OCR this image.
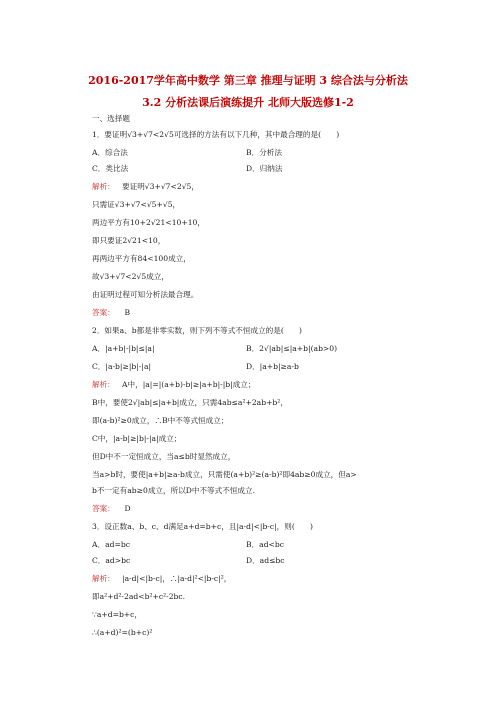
2016-2017学年高中数学 第三章 推理与证明 3 综合法与分析法
3.2 分析法课后演练提升 北师大版选修1-2
一、选择题
1．要证明√3+√7<2√5可选择的方法有以下几种，其中最合理的是(　　)
A．综合法	B．分析法
C．类比法	D．归纳法
解析： 要证明√3+√7<2√5，
只需证√3+√7<√5+√5，
两边平方有10+2√21<10+10，
即只要证2√21<10，
再两边平方有84<100成立，
故√3+√7<2√5成立，
由证明过程可知分析法最合理。
答案： B
2．如果a、b都是非零实数，则下列不等式不恒成立的是(　　)
A．|a+b|-|b|≤|a|	B．2√|ab|≤|a+b|(ab>0)
C．|a-b|≥|b|-|a|	D．|a+b|≥a-b
解析： A中，|a|=|(a+b)-b|≥|a+b|-|b|成立；
B中，要使2√|ab|≤|a+b|成立，只需4ab≤a²+2ab+b²，
即(a-b)²≥0成立，∴B中不等式恒成立；
C中，|a-b|≥|b|-|a|成立；
但D中不一定恒成立，当a≤b时显然成立，
当a>b时，要使|a+b|≥a-b成立，只需使(a+b)²≥(a-b)²即4ab≥0成立，但a>
b不一定有ab≥0成立，所以D中不等式不恒成立.
答案： D
3．设正数a、b、c、d满足a+d=b+c，且|a-d|<|b-c|，则(　　)
A．ad=bc	B．ad<bc
C．ad>bc	D．ad≤bc
解析： |a-d|<|b-c|，∴|a-d|²<|b-c|²，
即a²+d²-2ad<b²+c²-2bc.
∵a+d=b+c，
∴(a+d)²=(b+c)²
